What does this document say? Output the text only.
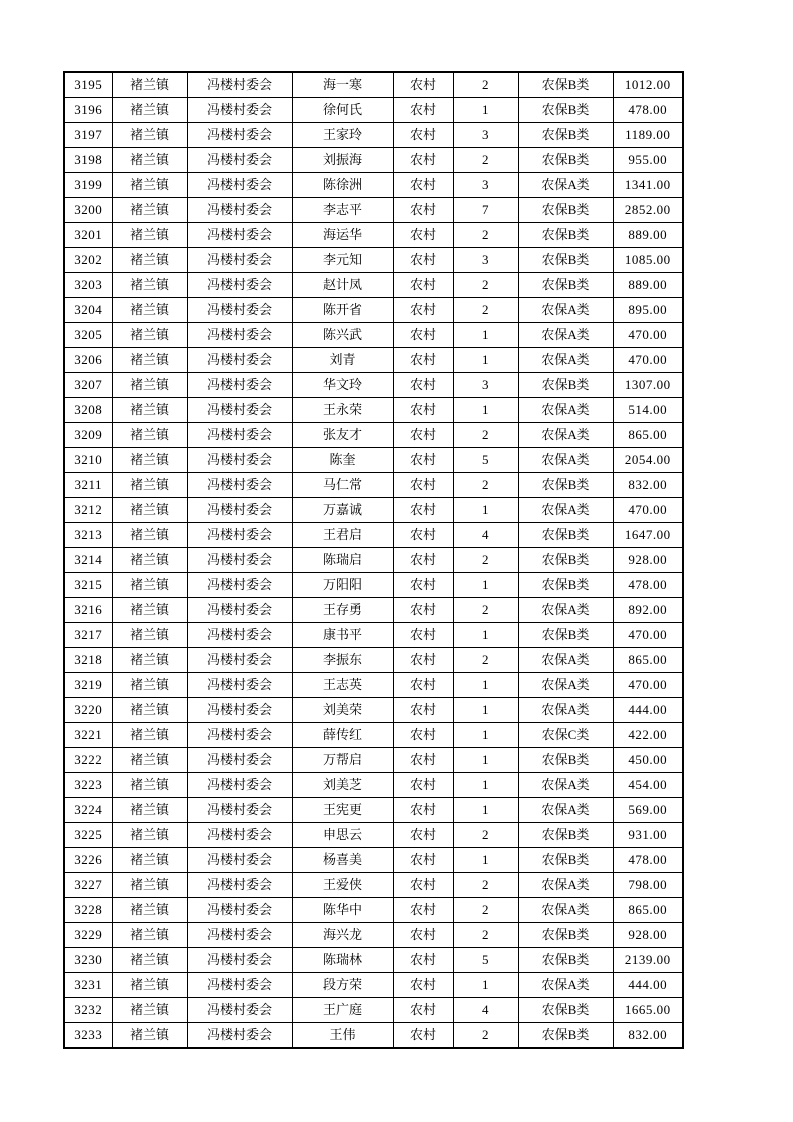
3195	褚兰镇	冯楼村委会	海一寒	农村	2	农保B类	1012.00
3196	褚兰镇	冯楼村委会	徐何氏	农村	1	农保B类	478.00
3197	褚兰镇	冯楼村委会	王家玲	农村	3	农保B类	1189.00
3198	褚兰镇	冯楼村委会	刘振海	农村	2	农保B类	955.00
3199	褚兰镇	冯楼村委会	陈徐洲	农村	3	农保A类	1341.00
3200	褚兰镇	冯楼村委会	李志平	农村	7	农保B类	2852.00
3201	褚兰镇	冯楼村委会	海运华	农村	2	农保B类	889.00
3202	褚兰镇	冯楼村委会	李元知	农村	3	农保B类	1085.00
3203	褚兰镇	冯楼村委会	赵计凤	农村	2	农保B类	889.00
3204	褚兰镇	冯楼村委会	陈开省	农村	2	农保A类	895.00
3205	褚兰镇	冯楼村委会	陈兴武	农村	1	农保A类	470.00
3206	褚兰镇	冯楼村委会	刘青	农村	1	农保A类	470.00
3207	褚兰镇	冯楼村委会	华文玲	农村	3	农保B类	1307.00
3208	褚兰镇	冯楼村委会	王永荣	农村	1	农保A类	514.00
3209	褚兰镇	冯楼村委会	张友才	农村	2	农保A类	865.00
3210	褚兰镇	冯楼村委会	陈奎	农村	5	农保A类	2054.00
3211	褚兰镇	冯楼村委会	马仁常	农村	2	农保B类	832.00
3212	褚兰镇	冯楼村委会	万嘉诚	农村	1	农保A类	470.00
3213	褚兰镇	冯楼村委会	王君启	农村	4	农保B类	1647.00
3214	褚兰镇	冯楼村委会	陈瑞启	农村	2	农保B类	928.00
3215	褚兰镇	冯楼村委会	万阳阳	农村	1	农保B类	478.00
3216	褚兰镇	冯楼村委会	王存勇	农村	2	农保A类	892.00
3217	褚兰镇	冯楼村委会	康书平	农村	1	农保B类	470.00
3218	褚兰镇	冯楼村委会	李振东	农村	2	农保A类	865.00
3219	褚兰镇	冯楼村委会	王志英	农村	1	农保A类	470.00
3220	褚兰镇	冯楼村委会	刘美荣	农村	1	农保A类	444.00
3221	褚兰镇	冯楼村委会	薛传红	农村	1	农保C类	422.00
3222	褚兰镇	冯楼村委会	万帮启	农村	1	农保B类	450.00
3223	褚兰镇	冯楼村委会	刘美芝	农村	1	农保A类	454.00
3224	褚兰镇	冯楼村委会	王宪更	农村	1	农保A类	569.00
3225	褚兰镇	冯楼村委会	申思云	农村	2	农保B类	931.00
3226	褚兰镇	冯楼村委会	杨喜美	农村	1	农保B类	478.00
3227	褚兰镇	冯楼村委会	王爱侠	农村	2	农保A类	798.00
3228	褚兰镇	冯楼村委会	陈华中	农村	2	农保A类	865.00
3229	褚兰镇	冯楼村委会	海兴龙	农村	2	农保B类	928.00
3230	褚兰镇	冯楼村委会	陈瑞林	农村	5	农保B类	2139.00
3231	褚兰镇	冯楼村委会	段方荣	农村	1	农保A类	444.00
3232	褚兰镇	冯楼村委会	王广庭	农村	4	农保B类	1665.00
3233	褚兰镇	冯楼村委会	王伟	农村	2	农保B类	832.00
